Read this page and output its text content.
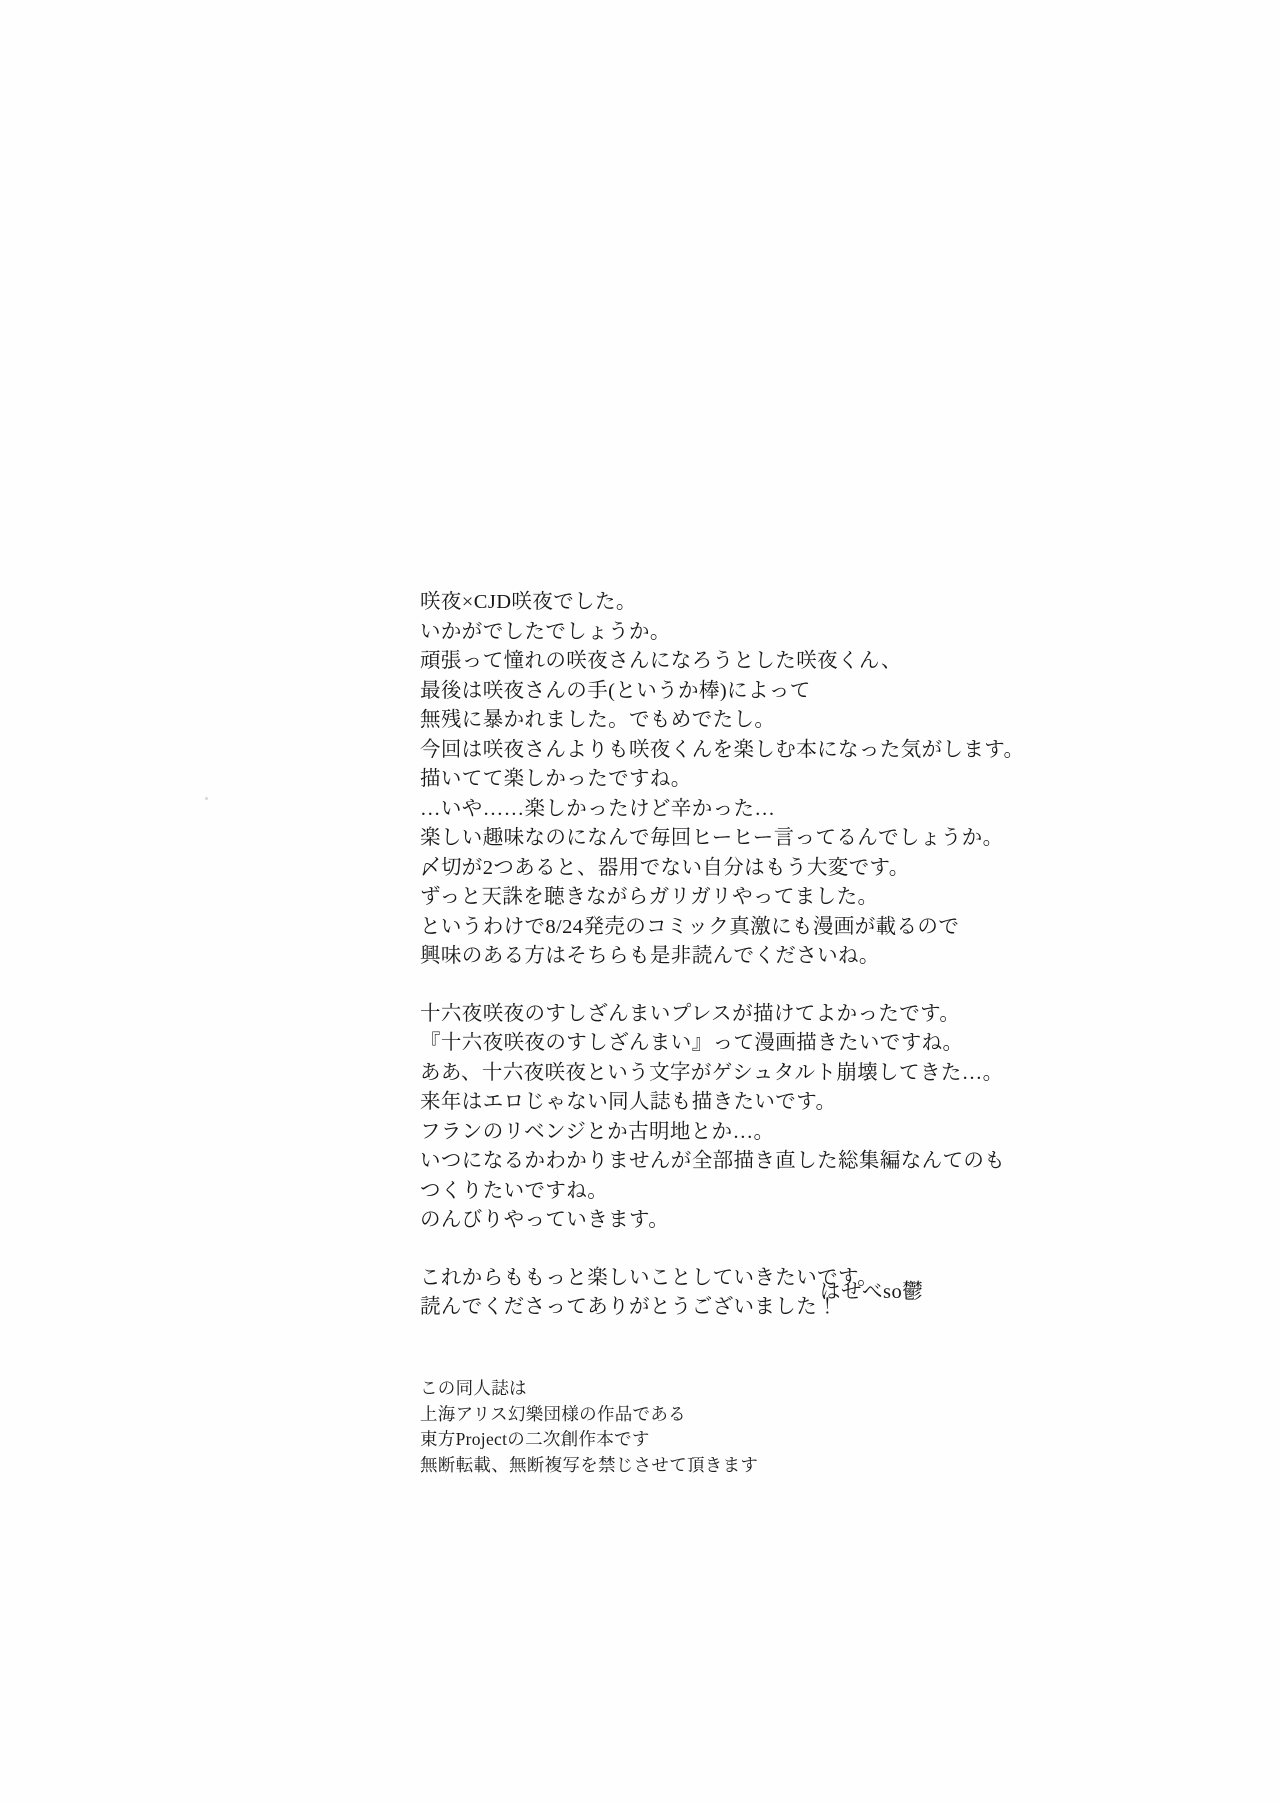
咲夜×CJD咲夜でした。
いかがでしたでしょうか。
頑張って憧れの咲夜さんになろうとした咲夜くん、
最後は咲夜さんの手(というか棒)によって
無残に暴かれました。でもめでたし。
今回は咲夜さんよりも咲夜くんを楽しむ本になった気がします。
描いてて楽しかったですね。
…いや……楽しかったけど辛かった…
楽しい趣味なのになんで毎回ヒーヒー言ってるんでしょうか。
〆切が2つあると、器用でない自分はもう大変です。
ずっと天誅を聴きながらガリガリやってました。
というわけで8/24発売のコミック真激にも漫画が載るので
興味のある方はそちらも是非読んでくださいね。
十六夜咲夜のすしざんまいプレスが描けてよかったです。
『十六夜咲夜のすしざんまい』って漫画描きたいですね。
ああ、十六夜咲夜という文字がゲシュタルト崩壊してきた…。
来年はエロじゃない同人誌も描きたいです。
フランのリベンジとか古明地とか…。
いつになるかわかりませんが全部描き直した総集編なんてのも
つくりたいですね。
のんびりやっていきます。
これからももっと楽しいことしていきたいです。
読んでくださってありがとうございました！
はせべso鬱
この同人誌は
上海アリス幻樂団様の作品である
東方Projectの二次創作本です
無断転載、無断複写を禁じさせて頂きます
